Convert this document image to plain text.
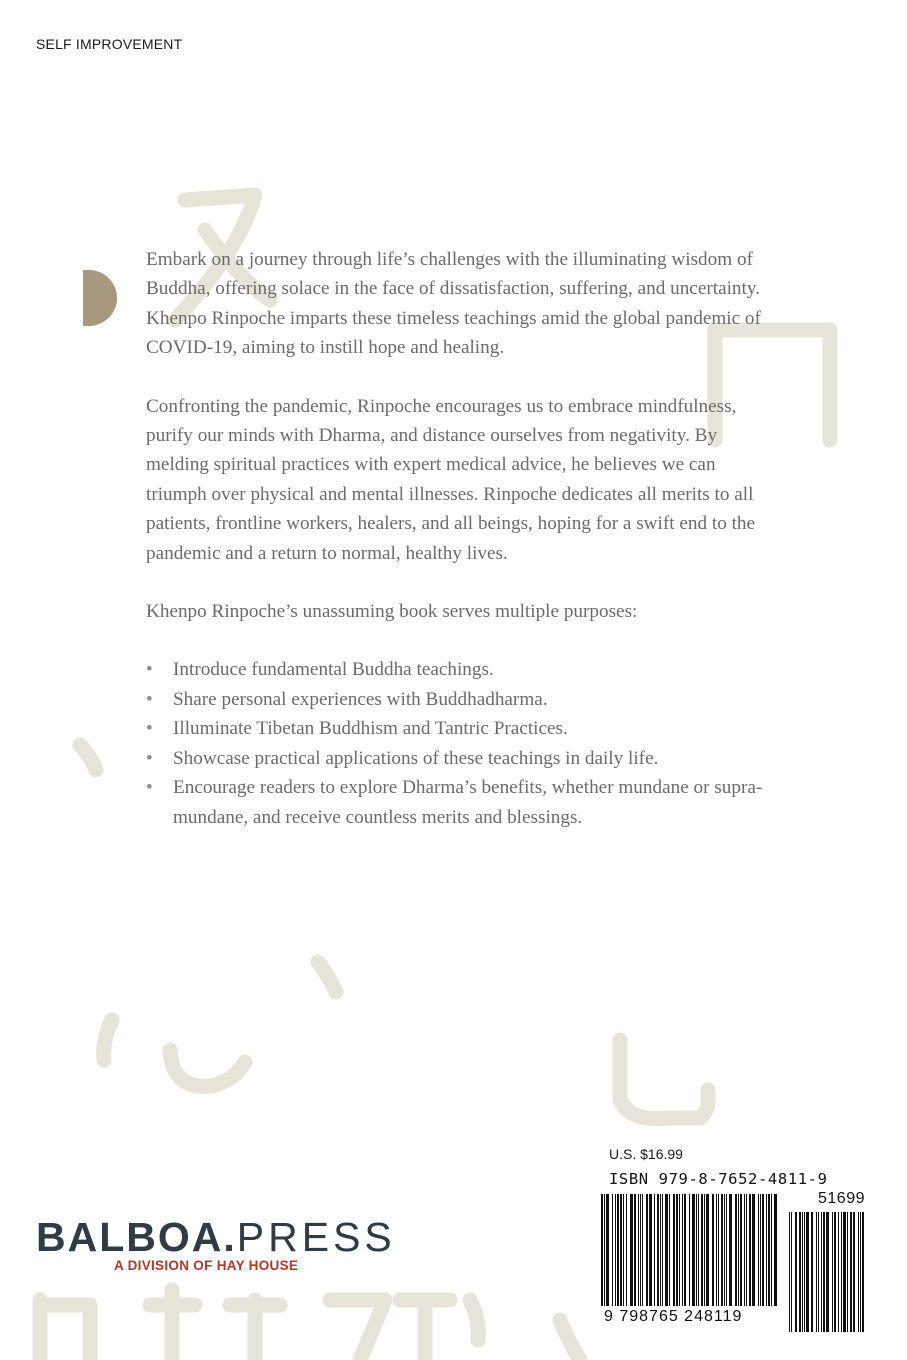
SELF IMPROVEMENT

Embark on a journey through life’s challenges with the illuminating wisdom of Buddha, offering solace in the face of dissatisfaction, suffering, and uncertainty. Khenpo Rinpoche imparts these timeless teachings amid the global pandemic of COVID-19, aiming to instill hope and healing.

Confronting the pandemic, Rinpoche encourages us to embrace mindfulness, purify our minds with Dharma, and distance ourselves from negativity. By melding spiritual practices with expert medical advice, he believes we can triumph over physical and mental illnesses. Rinpoche dedicates all merits to all patients, frontline workers, healers, and all beings, hoping for a swift end to the pandemic and a return to normal, healthy lives.

Khenpo Rinpoche’s unassuming book serves multiple purposes:

• Introduce fundamental Buddha teachings.
• Share personal experiences with Buddhadharma.
• Illuminate Tibetan Buddhism and Tantric Practices.
• Showcase practical applications of these teachings in daily life.
• Encourage readers to explore Dharma’s benefits, whether mundane or supra-mundane, and receive countless merits and blessings.
BALBOA.PRESS
A DIVISION OF HAY HOUSE
U.S. $16.99
ISBN 979-8-7652-4811-9
51699
9 798765 248119
